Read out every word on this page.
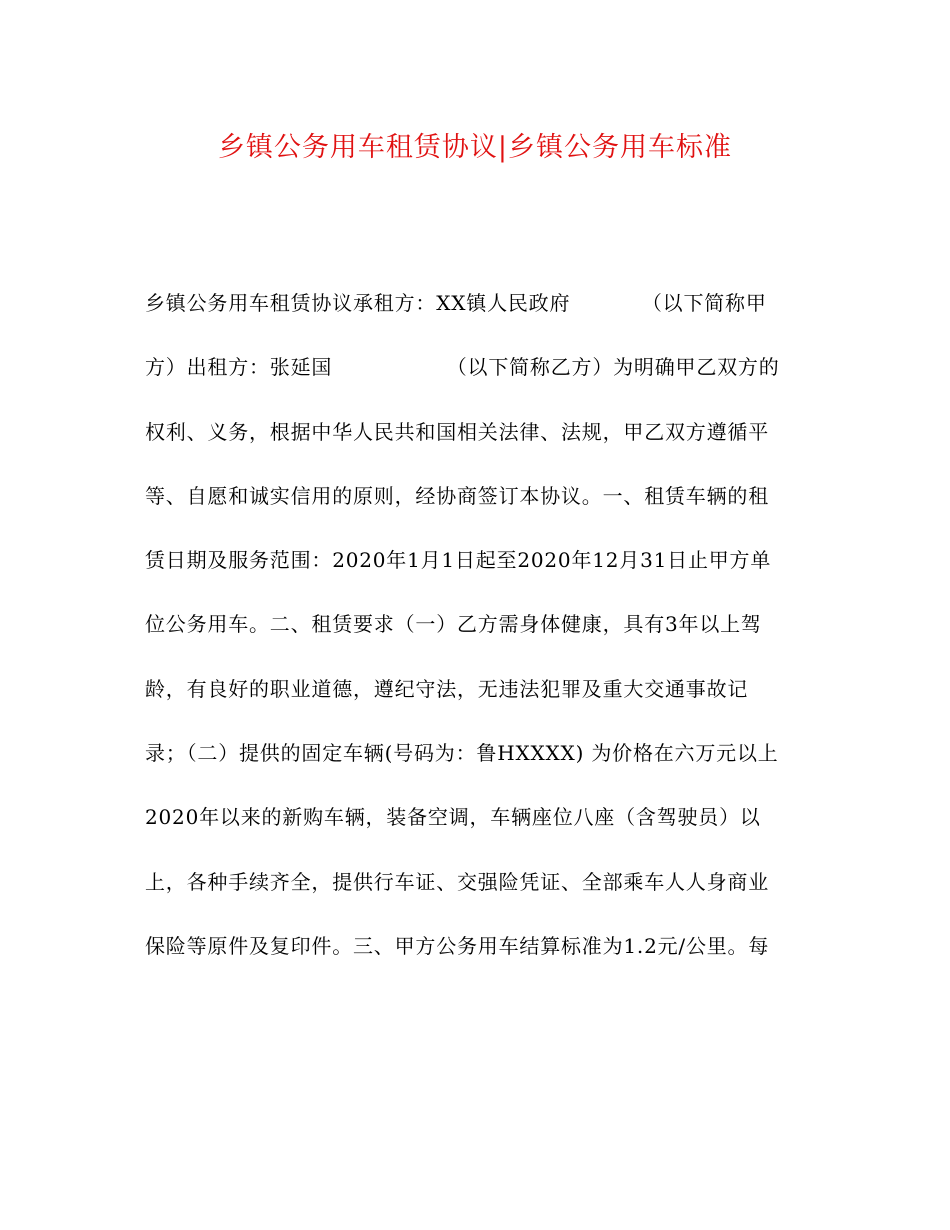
乡镇公务用车租赁协议|乡镇公务用车标准
乡镇公务用车租赁协议承租方：XX镇人民政府          （以下简称甲
方）出租方：张延国                （以下简称乙方）为明确甲乙双方的
权利、义务，根据中华人民共和国相关法律、法规，甲乙双方遵循平
等、自愿和诚实信用的原则，经协商签订本协议。一、租赁车辆的租
赁日期及服务范围：2020年1月1日起至2020年12月31日止甲方单
位公务用车。二、租赁要求（一）乙方需身体健康，具有3年以上驾
龄，有良好的职业道德，遵纪守法，无违法犯罪及重大交通事故记
录；（二）提供的固定车辆(号码为：鲁HXXXX) 为价格在六万元以上
2020年以来的新购车辆，装备空调，车辆座位八座（含驾驶员）以
上，各种手续齐全，提供行车证、交强险凭证、全部乘车人人身商业
保险等原件及复印件。三、甲方公务用车结算标准为1.2元/公里。每
